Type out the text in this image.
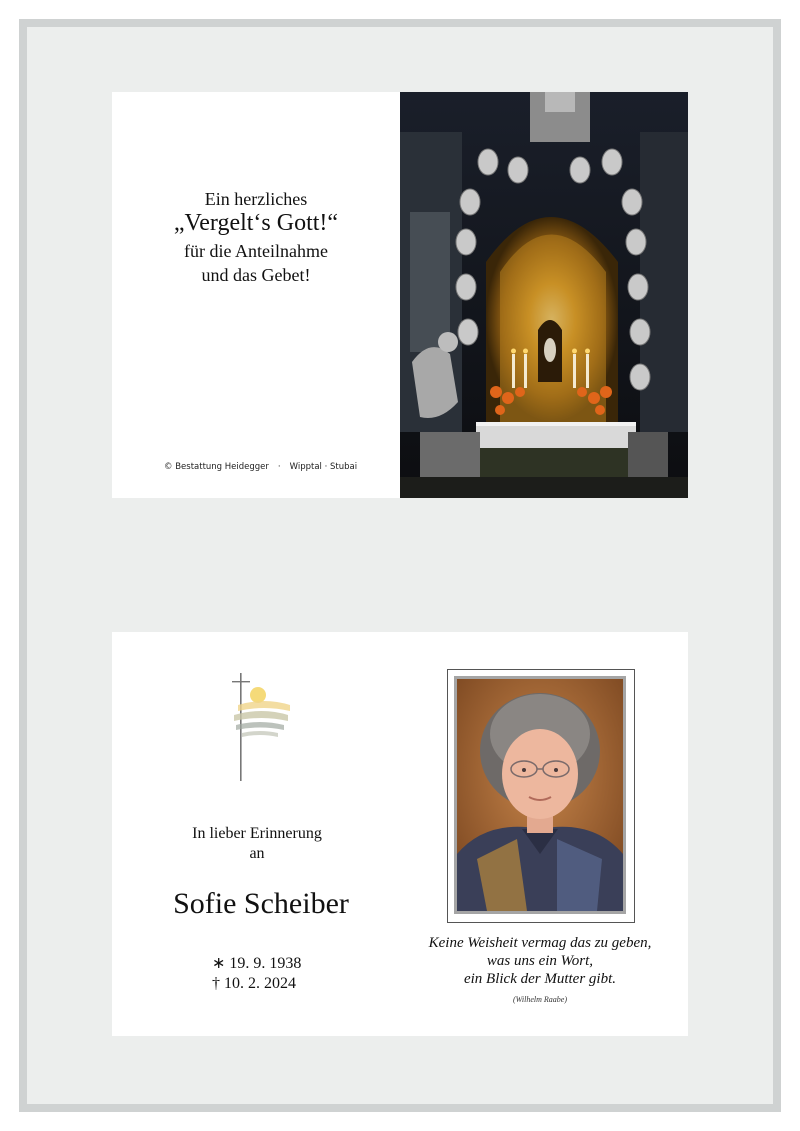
Ein herzliches
„Vergelt‘s Gott!“
für die Anteilnahme
und das Gebet!
© Bestattung Heidegger · Wipptal · Stubai
In lieber Erinnerung
an
Sofie Scheiber
∗ 19. 9. 1938
† 10. 2. 2024
Keine Weisheit vermag das zu geben,
was uns ein Wort,
ein Blick der Mutter gibt.
(Wilhelm Raabe)
